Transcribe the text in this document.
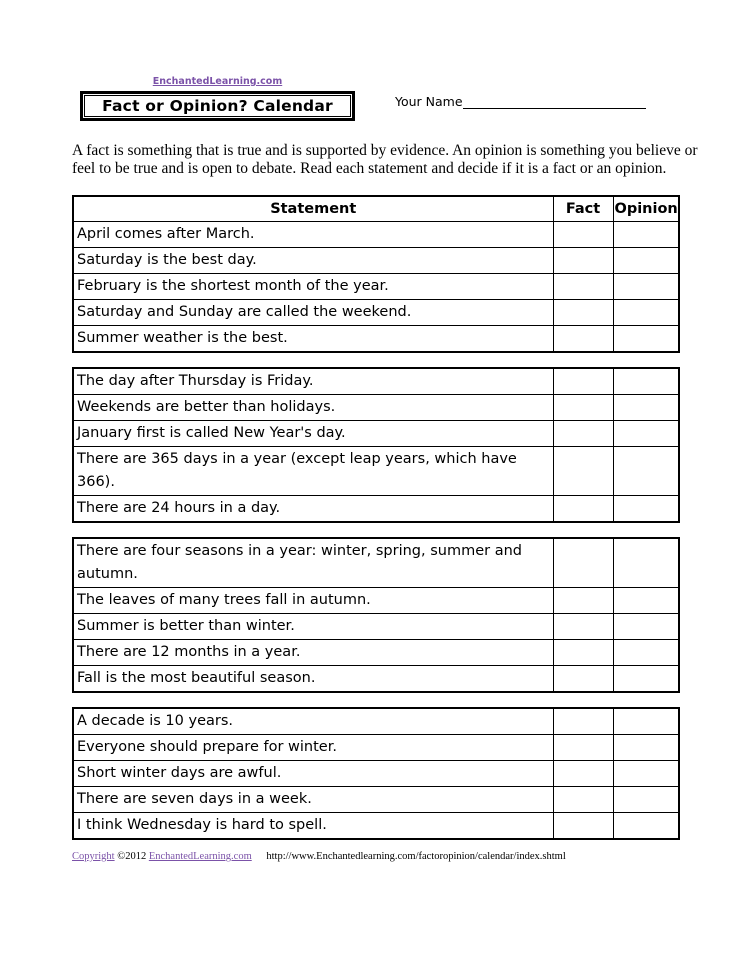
EnchantedLearning.com
Fact or Opinion? Calendar	Your Name
A fact is something that is true and is supported by evidence. An opinion is something you believe or
feel to be true and is open to debate. Read each statement and decide if it is a fact or an opinion.
Statement	Fact	Opinion
April comes after March.		
Saturday is the best day.		
February is the shortest month of the year.		
Saturday and Sunday are called the weekend.		
Summer weather is the best.		
The day after Thursday is Friday.		
Weekends are better than holidays.		
January first is called New Year's day.		
There are 365 days in a year (except leap years, which have 366).		
There are 24 hours in a day.		
There are four seasons in a year: winter, spring, summer and autumn.		
The leaves of many trees fall in autumn.		
Summer is better than winter.		
There are 12 months in a year.		
Fall is the most beautiful season.		
A decade is 10 years.		
Everyone should prepare for winter.		
Short winter days are awful.		
There are seven days in a week.		
I think Wednesday is hard to spell.		
Copyright ©2012 EnchantedLearning.com http://www.Enchantedlearning.com/factoropinion/calendar/index.shtml
